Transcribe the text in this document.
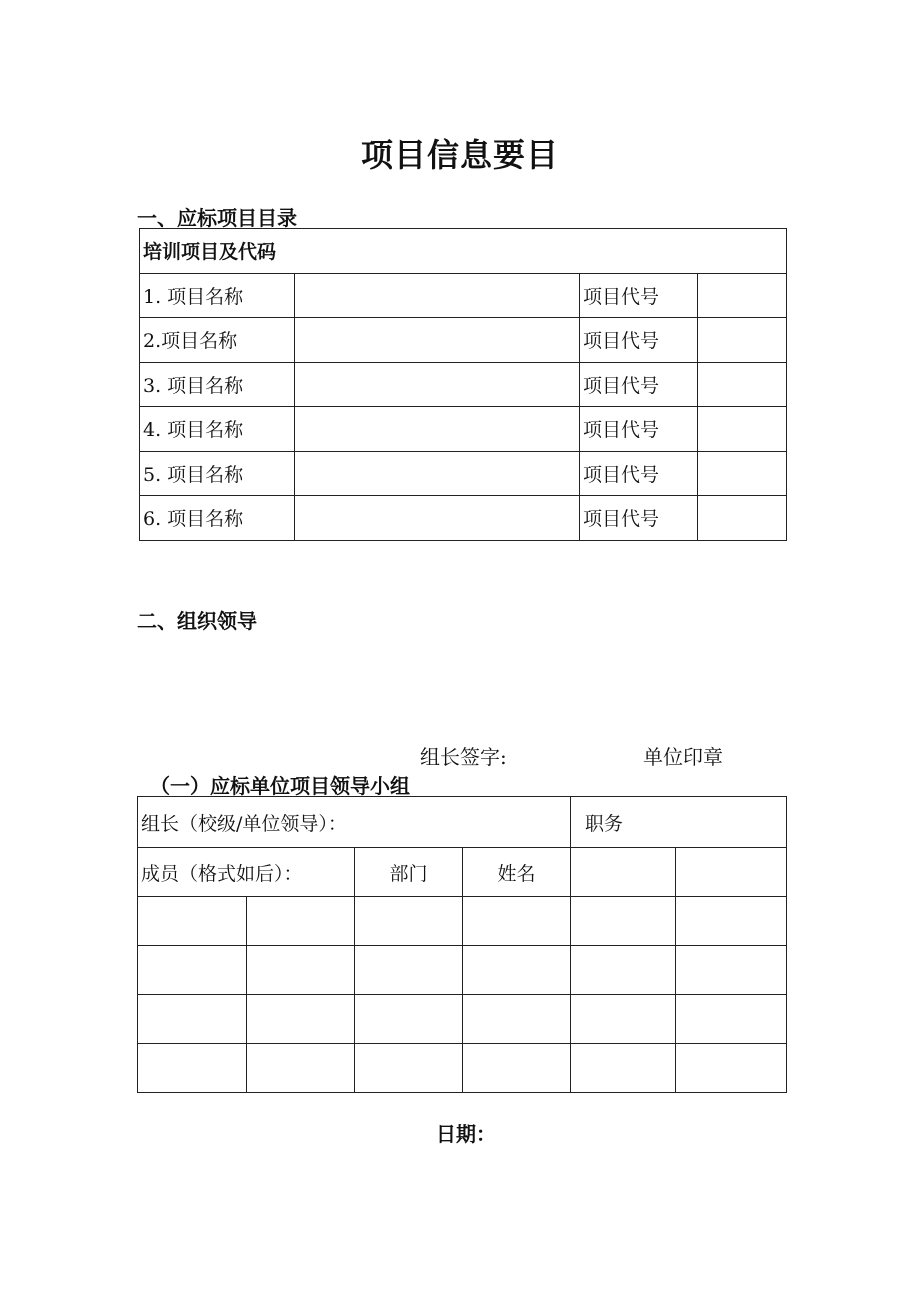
项目信息要目
一、应标项目目录
培训项目及代码			
1. 项目名称		项目代号	
2.项目名称		项目代号	
3. 项目名称		项目代号	
4. 项目名称		项目代号	
5. 项目名称		项目代号	
6. 项目名称		项目代号	
二、组织领导
组长签字:	单位印章
（一）应标单位项目领导小组
组长（校级/单位领导）：				职务	
成员（格式如后）：		部门	姓名		

日期：
